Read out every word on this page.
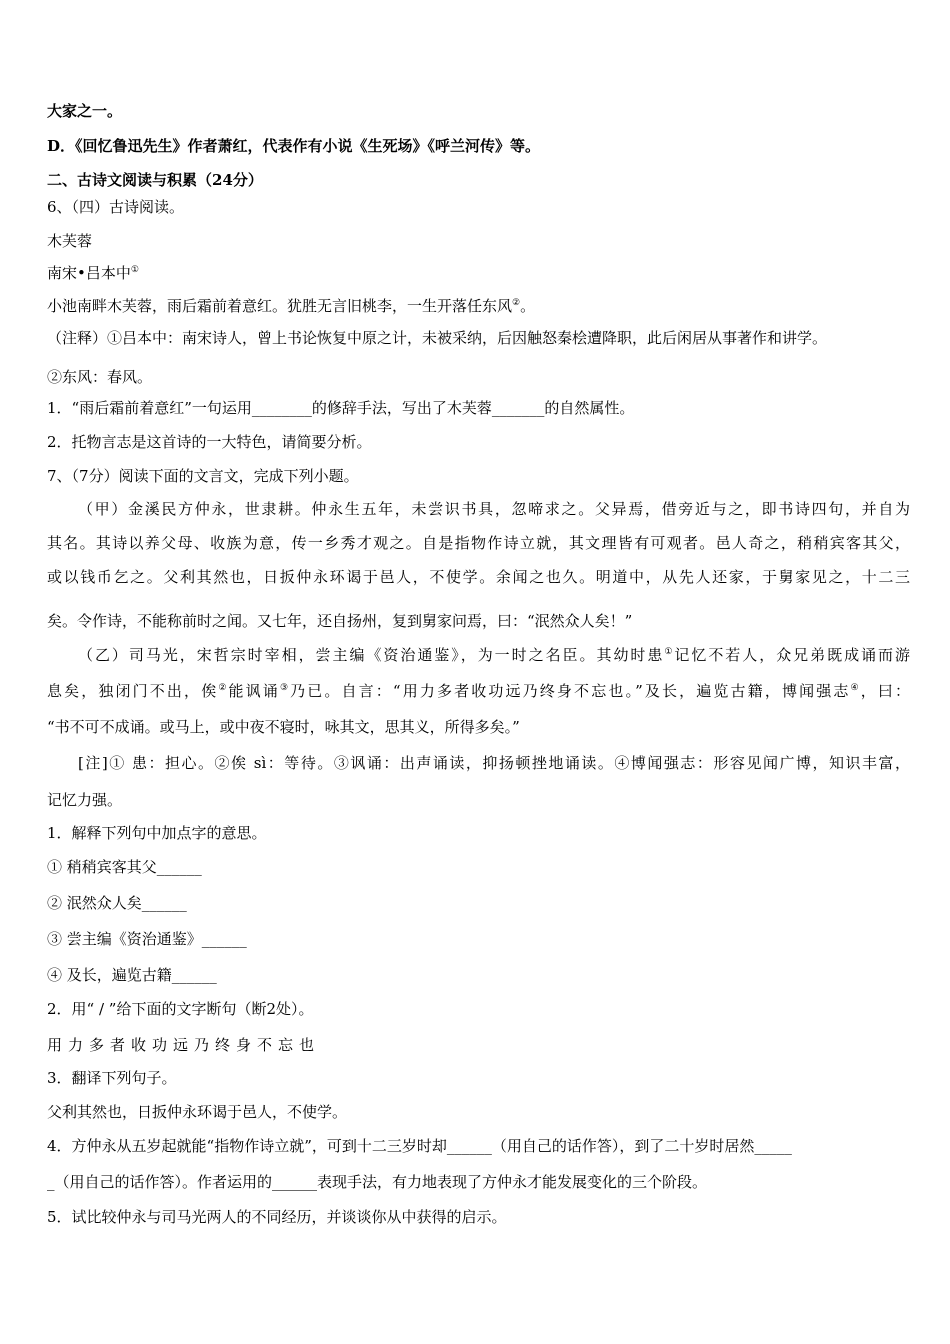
大家之一。
D．《回忆鲁迅先生》作者萧红，代表作有小说《生死场》《呼兰河传》等。
二、古诗文阅读与积累（24分）
6、（四）古诗阅读。
木芙蓉
南宋•吕本中①
小池南畔木芙蓉，雨后霜前着意红。犹胜无言旧桃李，一生开落任东风②。
（注释）①吕本中：南宋诗人，曾上书论恢复中原之计，未被采纳，后因触怒秦桧遭降职，此后闲居从事著作和讲学。
②东风：春风。
1．“雨后霜前着意红”一句运用________的修辞手法，写出了木芙蓉_______的自然属性。
2．托物言志是这首诗的一大特色，请简要分析。
7、（7分）阅读下面的文言文，完成下列小题。
（甲）金溪民方仲永，世隶耕。仲永生五年，未尝识书具，忽啼求之。父异焉，借旁近与之，即书诗四句，并自为
其名。其诗以养父母、收族为意，传一乡秀才观之。自是指物作诗立就，其文理皆有可观者。邑人奇之，稍稍宾客其父，
或以钱币乞之。父利其然也，日扳仲永环谒于邑人，不使学。余闻之也久。明道中，从先人还家，于舅家见之，十二三
矣。令作诗，不能称前时之闻。又七年，还自扬州，复到舅家问焉，曰：“泯然众人矣！”
（乙）司马光，宋哲宗时宰相，尝主编《资治通鉴》，为一时之名臣。其幼时患①记忆不若人，众兄弟既成诵而游
息矣，独闭门不出，俟②能讽诵③乃已。自言：“用力多者收功远乃终身不忘也。”及长，遍览古籍，博闻强志④，曰：
“书不可不成诵。或马上，或中夜不寝时，咏其文，思其义，所得多矣。”
[注]① 患：担心。②俟 sì：等待。③讽诵：出声诵读，抑扬顿挫地诵读。④博闻强志：形容见闻广博，知识丰富，
记忆力强。
1．解释下列句中加点字的意思。
① 稍稍宾客其父______
② 泯然众人矣______
③ 尝主编《资治通鉴》______
④ 及长，遍览古籍______
2．用“ / ”给下面的文字断句（断2处）。
用力多者收功远乃终身不忘也
3．翻译下列句子。
父利其然也，日扳仲永环谒于邑人，不使学。
4．方仲永从五岁起就能“指物作诗立就”，可到十二三岁时却______（用自己的话作答），到了二十岁时居然_____
_（用自己的话作答）。作者运用的______表现手法，有力地表现了方仲永才能发展变化的三个阶段。
5．试比较仲永与司马光两人的不同经历，并谈谈你从中获得的启示。
